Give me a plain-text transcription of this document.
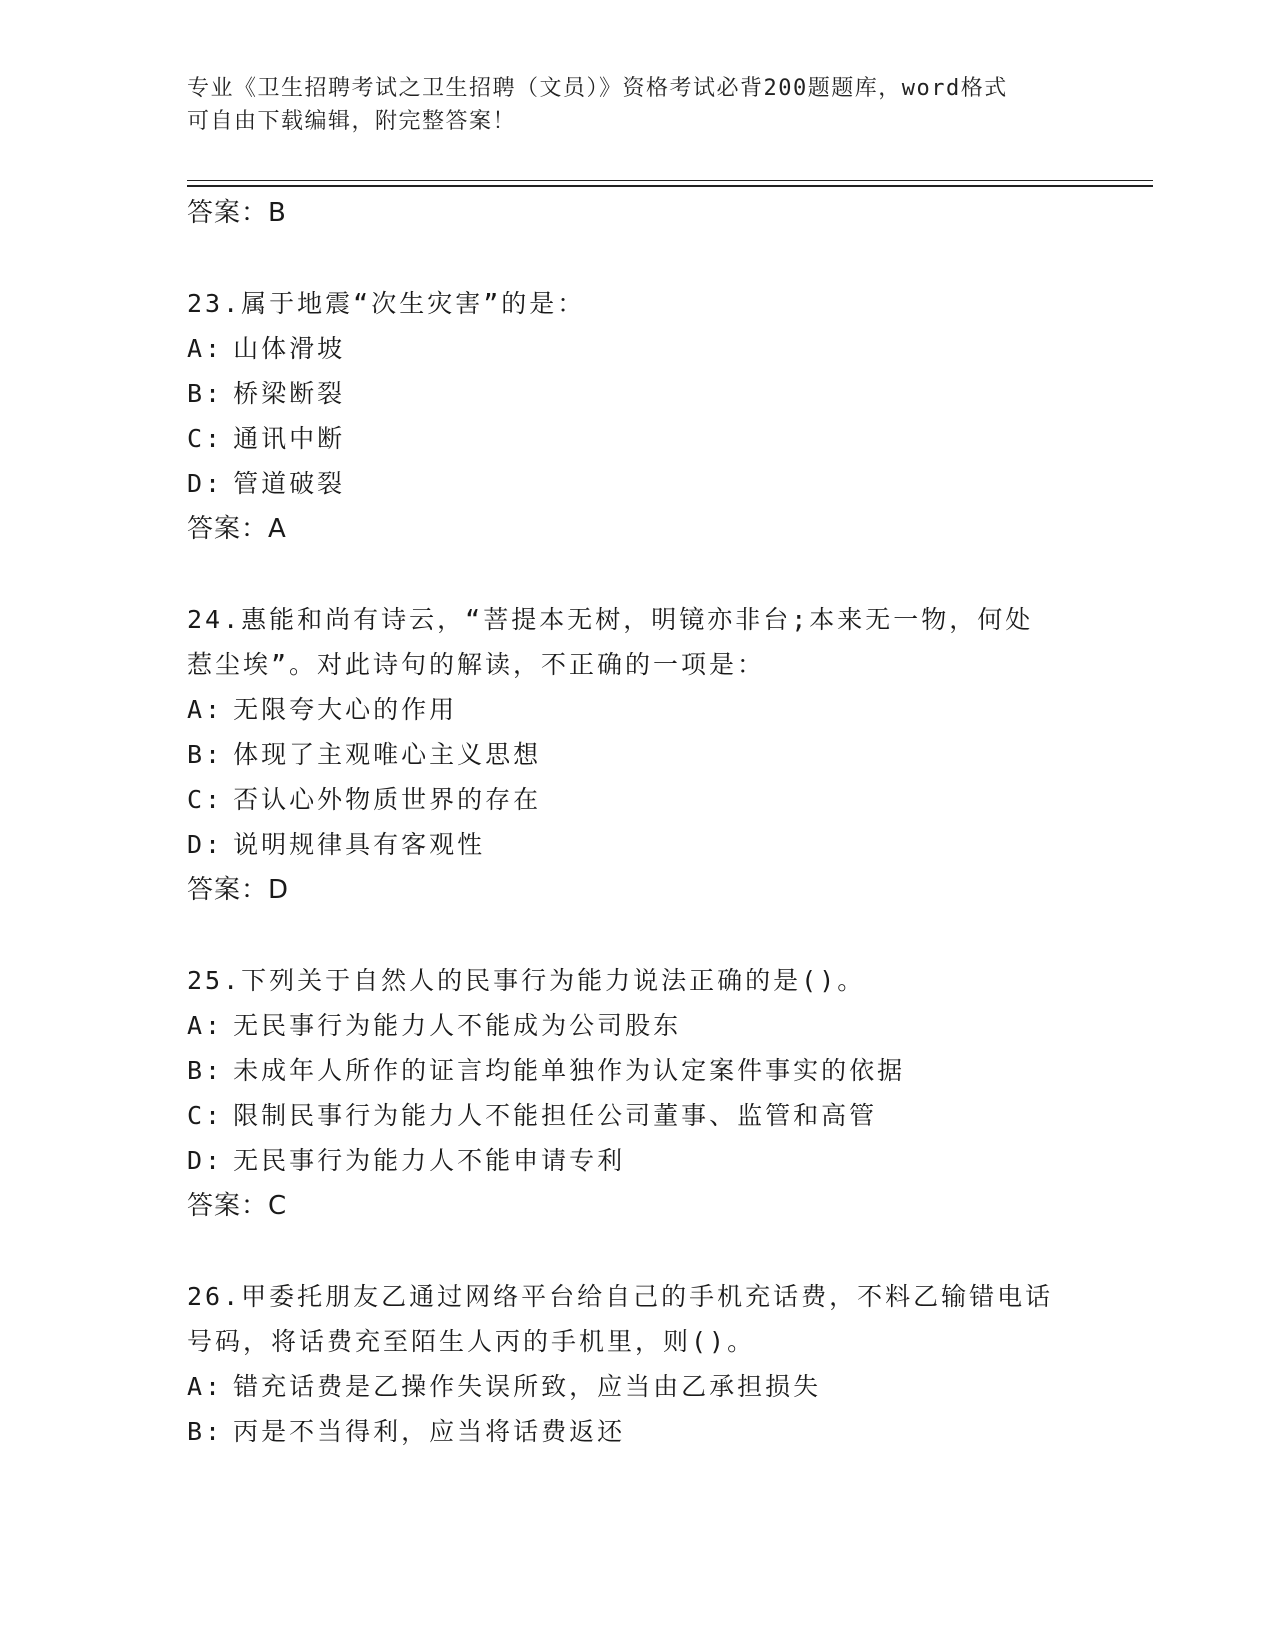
专业《卫生招聘考试之卫生招聘（文员）》资格考试必背200题题库，word格式
可自由下载编辑，附完整答案！
答案：B
23.属于地震“次生灾害”的是：
A: 山体滑坡
B: 桥梁断裂
C: 通讯中断
D: 管道破裂
答案：A
24.惠能和尚有诗云，“菩提本无树，明镜亦非台;本来无一物，何处惹尘埃”。对此诗句的解读，不正确的一项是：
A: 无限夸大心的作用
B: 体现了主观唯心主义思想
C: 否认心外物质世界的存在
D: 说明规律具有客观性
答案：D
25.下列关于自然人的民事行为能力说法正确的是()。
A: 无民事行为能力人不能成为公司股东
B: 未成年人所作的证言均能单独作为认定案件事实的依据
C: 限制民事行为能力人不能担任公司董事、监管和高管
D: 无民事行为能力人不能申请专利
答案：C
26.甲委托朋友乙通过网络平台给自己的手机充话费，不料乙输错电话号码，将话费充至陌生人丙的手机里，则()。
A: 错充话费是乙操作失误所致，应当由乙承担损失
B: 丙是不当得利，应当将话费返还
